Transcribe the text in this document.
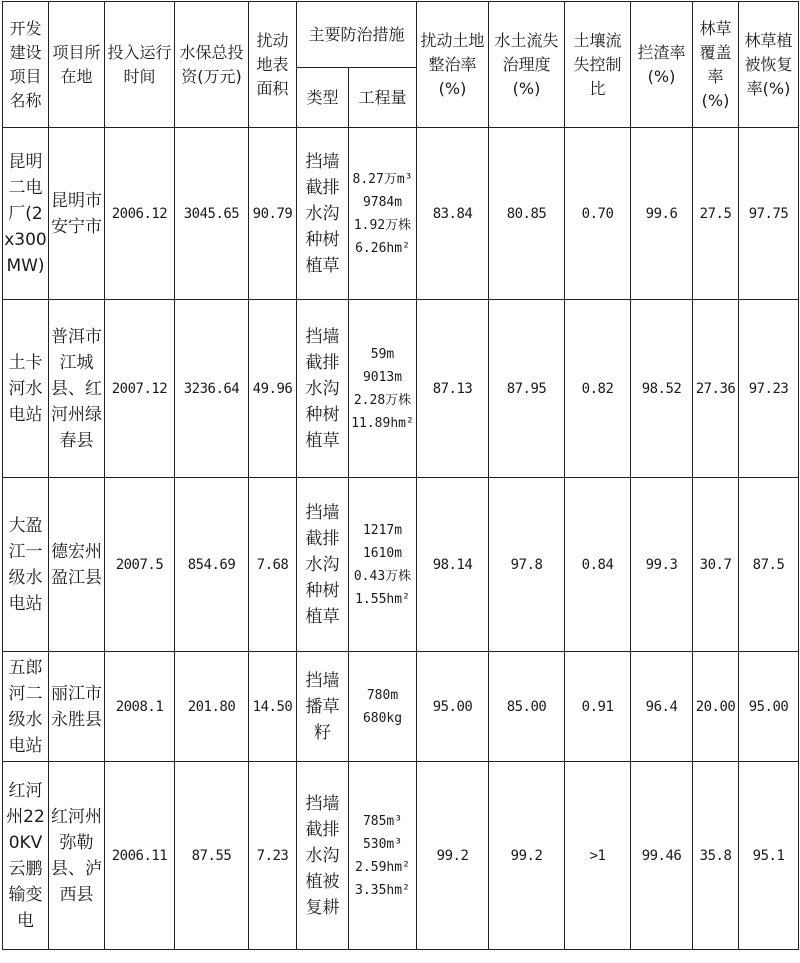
开发建设项目名称	项目所在地	投入运行时间	水保总投资(万元)	扰动地表面积	主要防治措施		扰动土地整治率(%)	水土流失治理度(%)	土壤流失控制比	拦渣率(%)	林草覆盖率(%)	林草植被恢复率(%)
					类型	工程量						
昆明二电厂(2x300MW)	昆明市安宁市	2006.12	3045.65	90.79	挡墙截排水沟种树植草	8.27万m³
9784m
1.92万株
6.26hm²	83.84	80.85	0.70	99.6	27.5	97.75
土卡河水电站	普洱市江城县、红河州绿春县	2007.12	3236.64	49.96	挡墙截排水沟种树植草	59m
9013m
2.28万株
11.89hm²	87.13	87.95	0.82	98.52	27.36	97.23
大盈江一级水电站	德宏州盈江县	2007.5	854.69	7.68	挡墙截排水沟种树植草	1217m
1610m
0.43万株
1.55hm²	98.14	97.8	0.84	99.3	30.7	87.5
五郎河二级水电站	丽江市永胜县	2008.1	201.80	14.50	挡墙播草籽	780m
680kg	95.00	85.00	0.91	96.4	20.00	95.00
红河州220KV云鹏输变电	红河州弥勒县、泸西县	2006.11	87.55	7.23	挡墙截排水沟植被复耕	785m³
530m³
2.59hm²
3.35hm²	99.2	99.2	>1	99.46	35.8	95.1
